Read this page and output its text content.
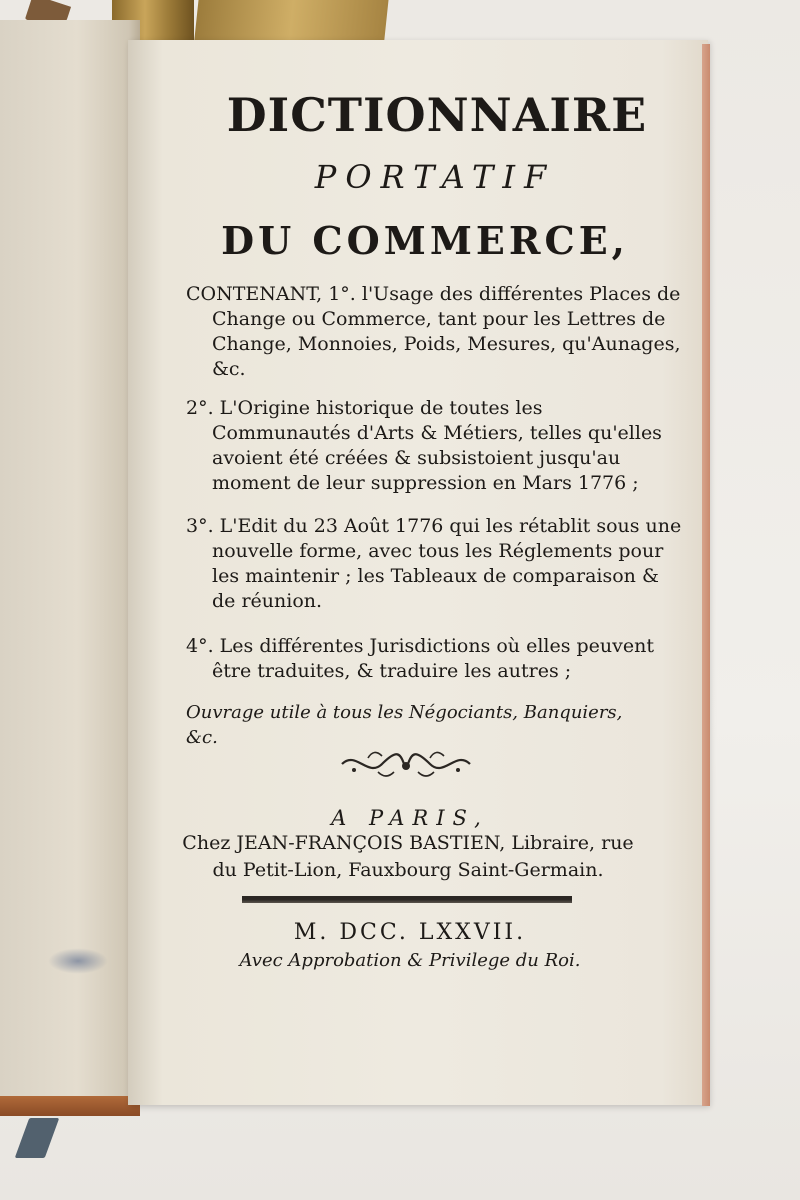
DICTIONNAIRE
PORTATIF
DU COMMERCE,
CONTENANT, 1°. l'Usage des différentes Places de Change ou Commerce, tant pour les Lettres de Change, Monnoies, Poids, Mesures, qu'Aunages, &c.
2°. L'Origine historique de toutes les Communautés d'Arts & Métiers, telles qu'elles avoient été créées & subsistoient jusqu'au moment de leur suppression en Mars 1776 ;
3°. L'Edit du 23 Août 1776 qui les rétablit sous une nouvelle forme, avec tous les Réglements pour les maintenir ; les Tableaux de comparaison & de réunion.
4°. Les différentes Jurisdictions où elles peuvent être traduites, & traduire les autres ;
Ouvrage utile à tous les Négociants, Banquiers, &c.
A PARIS,
Chez JEAN-FRANÇOIS BASTIEN, Libraire, rue du Petit-Lion, Fauxbourg Saint-Germain.
M. DCC. LXXVII.
Avec Approbation & Privilege du Roi.
